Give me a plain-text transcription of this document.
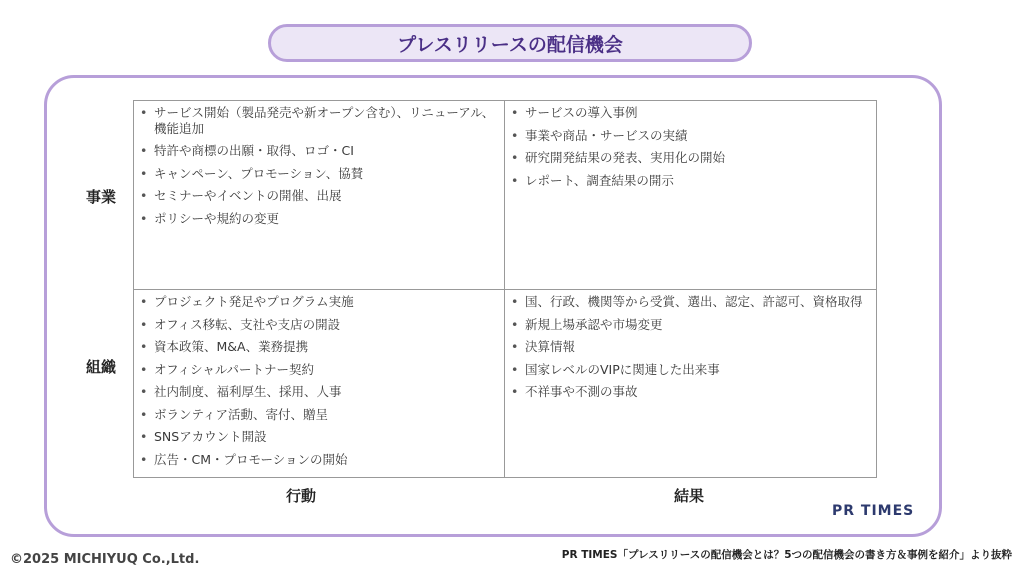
プレスリリースの配信機会
事業
組織
• サービス開始（製品発売や新オープン含む）、リニューアル、機能追加
• 特許や商標の出願・取得、ロゴ・CI
• キャンペーン、プロモーション、協賛
• セミナーやイベントの開催、出展
• ポリシーや規約の変更
• サービスの導入事例
• 事業や商品・サービスの実績
• 研究開発結果の発表、実用化の開始
• レポート、調査結果の開示
• プロジェクト発足やプログラム実施
• オフィス移転、支社や支店の開設
• 資本政策、M&A、業務提携
• オフィシャルパートナー契約
• 社内制度、福利厚生、採用、人事
• ボランティア活動、寄付、贈呈
• SNSアカウント開設
• 広告・CM・プロモーションの開始
• 国、行政、機関等から受賞、選出、認定、許認可、資格取得
• 新規上場承認や市場変更
• 決算情報
• 国家レベルのVIPに関連した出来事
• 不祥事や不測の事故
行動	結果
PR TIMES
©2025 MICHIYUQ Co.,Ltd.	PR TIMES「プレスリリースの配信機会とは？5つの配信機会の書き方＆事例を紹介」より抜粋
